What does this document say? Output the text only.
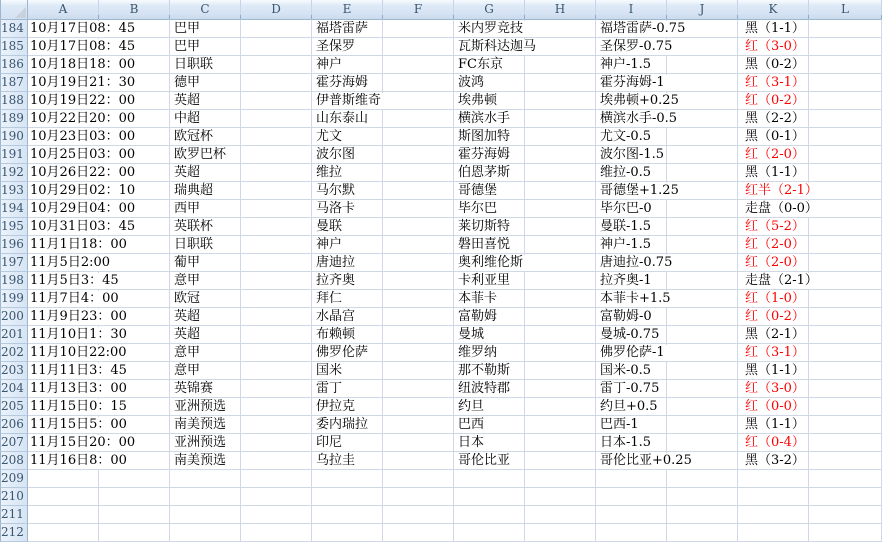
	A	B	C	D	E	F	G	H	I	J	K	L
184	10月17日08：45		巴甲		福塔雷萨		米内罗竞技		福塔雷萨-0.75		黑（1-1）	
185	10月17日08：45		巴甲		圣保罗		瓦斯科达迦马		圣保罗-0.75		红（3-0）	
186	10月18日18：00		日职联		神户		FC东京		神户-1.5		黑（0-2）	
187	10月19日21：30		德甲		霍芬海姆		波鸿		霍芬海姆-1		红（3-1）	
188	10月19日22：00		英超		伊普斯维奇		埃弗顿		埃弗顿+0.25		红（0-2）	
189	10月22日20：00		中超		山东泰山		横滨水手		横滨水手-0.5		黑（2-2）	
190	10月23日03：00		欧冠杯		尤文		斯图加特		尤文-0.5		黑（0-1）	
191	10月25日03：00		欧罗巴杯		波尔图		霍芬海姆		波尔图-1.5		红（2-0）	
192	10月26日22：00		英超		维拉		伯恩茅斯		维拉-0.5		黑（1-1）	
193	10月29日02：10		瑞典超		马尔默		哥德堡		哥德堡+1.25		红半（2-1）	
194	10月29日04：00		西甲		马洛卡		毕尔巴		毕尔巴-0		走盘（0-0）	
195	10月31日03：45		英联杯		曼联		莱切斯特		曼联-1.5		红（5-2）	
196	11月1日18：00		日职联		神户		磐田喜悦		神户-1.5		红（2-0）	
197	11月5日2:00		葡甲		唐迪拉		奥利维伦斯		唐迪拉-0.75		红（2-0）	
198	11月5日3：45		意甲		拉齐奥		卡利亚里		拉齐奥-1		走盘（2-1）	
199	11月7日4：00		欧冠		拜仁		本菲卡		本菲卡+1.5		红（1-0）	
200	11月9日23：00		英超		水晶宫		富勒姆		富勒姆-0		红（0-2）	
201	11月10日1：30		英超		布赖顿		曼城		曼城-0.75		黑（2-1）	
202	11月10日22:00		意甲		佛罗伦萨		维罗纳		佛罗伦萨-1		红（3-1）	
203	11月11日3：45		意甲		国米		那不勒斯		国米-0.5		黑（1-1）	
204	11月13日3：00		英锦赛		雷丁		纽波特郡		雷丁-0.75		红（3-0）	
205	11月15日0：15		亚洲预选		伊拉克		约旦		约旦+0.5		红（0-0）	
206	11月15日5：00		南美预选		委内瑞拉		巴西		巴西-1		黑（1-1）	
207	11月15日20：00		亚洲预选		印尼		日本		日本-1.5		红（0-4）	
208	11月16日8：00		南美预选		乌拉圭		哥伦比亚		哥伦比亚+0.25		黑（3-2）	
209												
210												
211												
212												
